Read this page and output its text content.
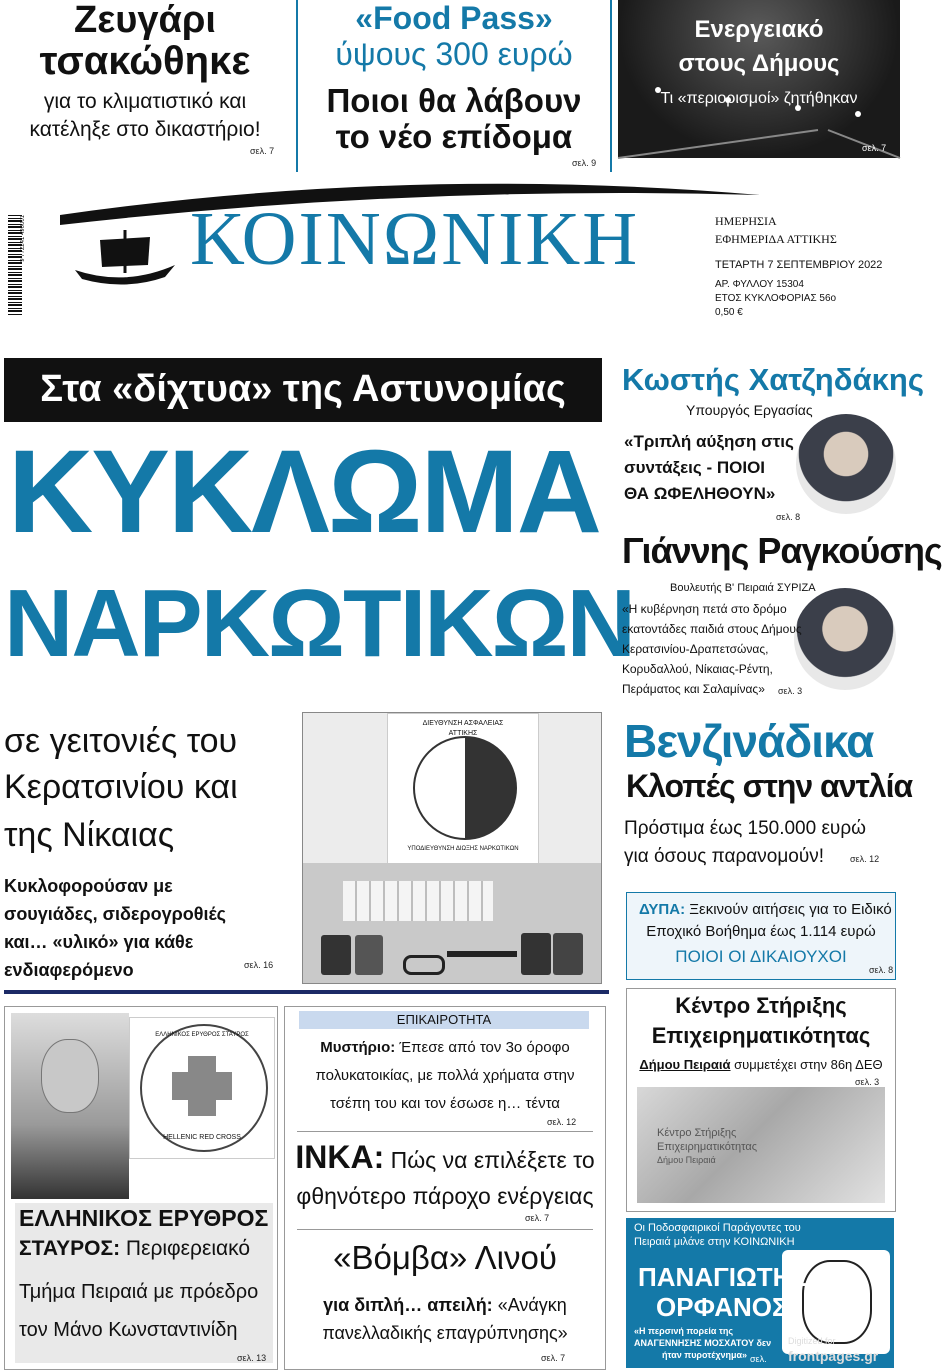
Ζευγάρι
τσακώθηκε
για το κλιματιστικό και
κατέληξε στο δικαστήριο!
σελ. 7
«Food Pass»
ύψους 300 ευρώ
Ποιοι θα λάβουν
το νέο επίδομα
σελ. 9
Ενεργειακό
στους Δήμους
Τι «περιορισμοί» ζητήθηκαν
σελ. 7
9 772241 490001	ΗΜΕΡΗΣΙΑ
ΕΦΗΜΕΡΙΔΑ ΑΤΤΙΚΗΣ
ΤΕΤΑΡΤΗ 7 ΣΕΠΤΕΜΒΡΙΟΥ 2022
ΑΡ. ΦΥΛΛΟΥ 15304
ΕΤΟΣ ΚΥΚΛΟΦΟΡΙΑΣ 56ο
0,50 €
ΚΟΙΝΩΝΙΚΗ
Στα «δίχτυα» της Αστυνομίας
ΚΥΚΛΩΜΑ
ΝΑΡΚΩΤΙΚΩΝ
σε γειτονιές του
Κερατσινίου και
της Νίκαιας
Κυκλοφορούσαν με
σουγιάδες, σιδερογροθιές
και… «υλικό» για κάθε
ενδιαφερόμενο	σελ. 16
ΔΙΕΥΘΥΝΣΗ ΑΣΦΑΛΕΙΑΣ
ΑΤΤΙΚΗΣ
ΥΠΟΔΙΕΥΘΥΝΣΗ ΔΙΩΞΗΣ ΝΑΡΚΩΤΙΚΩΝ
Κωστής Χατζηδάκης
Υπουργός Εργασίας
«Τριπλή αύξηση στις
συντάξεις - ΠΟΙΟΙ
ΘΑ ΩΦΕΛΗΘΟΥΝ»
σελ. 8
Γιάννης Ραγκούσης
Βουλευτής Β' Πειραιά ΣΥΡΙΖΑ
«Η κυβέρνηση πετά στο δρόμο
εκατοντάδες παιδιά στους Δήμους
Κερατσινίου-Δραπετσώνας,
Κορυδαλλού, Νίκαιας-Ρέντη,
Περάματος και Σαλαμίνας» σελ. 3
Βενζινάδικα
Κλοπές στην αντλία
Πρόστιμα έως 150.000 ευρώ
για όσους παρανομούν!	σελ. 12
ΔΥΠΑ: Ξεκινούν αιτήσεις για το Ειδικό
Εποχικό Βοήθημα έως 1.114 ευρώ
ΠΟΙΟΙ ΟΙ ΔΙΚΑΙΟΥΧΟΙ
σελ. 8
Κέντρο Στήριξης
Επιχειρηματικότητας
Δήμου Πειραιά συμμετέχει στην 86η ΔΕΘ
σελ. 3
Κέντρο Στήριξης
Επιχειρηματικότητας
Δήμου Πειραιά
Οι Ποδοσφαιρικοί Παράγοντες του
Πειραιά μιλάνε στην ΚΟΙΝΩΝΙΚΗ
ΠΑΝΑΓΙΩΤΗΣ
ΟΡΦΑΝΟΣ
«Η περσινή πορεία της
ΑΝΑΓΕΝΝΗΣΗΣ ΜΟΣΧΑΤΟΥ δεν
ήταν πυροτέχνημα» σελ.
Digitized for
frontpages.gr
ΕΛΛΗΝΙΚΟΣ ΕΡΥΘΡΟΣ ΣΤΑΥΡΟΣ
HELLENIC RED CROSS
ΕΛΛΗΝΙΚΟΣ ΕΡΥΘΡΟΣ
ΣΤΑΥΡΟΣ: Περιφερειακό
Τμήμα Πειραιά με πρόεδρο
τον Μάνο Κωνσταντινίδη
σελ. 13
ΕΠΙΚΑΙΡΟΤΗΤΑ
Μυστήριο: Έπεσε από τον 3ο όροφο
πολυκατοικίας, με πολλά χρήματα στην
τσέπη του και τον έσωσε η… τέντα
σελ. 12
ΙΝΚΑ: Πώς να επιλέξετε το
φθηνότερο πάροχο ενέργειας
σελ. 7
«Βόμβα» Λινού
για διπλή… απειλή: «Ανάγκη
πανελλαδικής επαγρύπνησης»
σελ. 7
